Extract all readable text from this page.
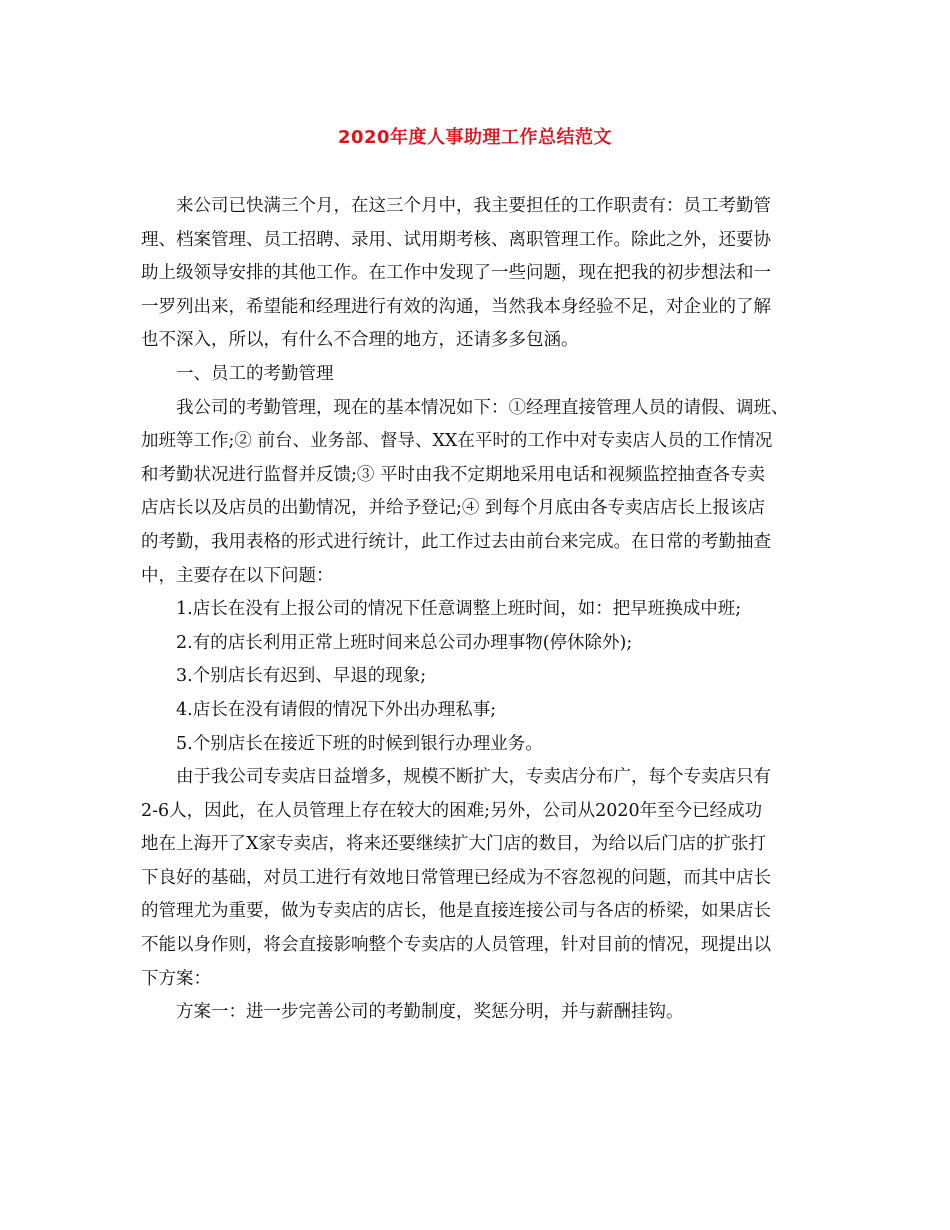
2020年度人事助理工作总结范文

来公司已快满三个月，在这三个月中，我主要担任的工作职责有：员工考勤管
理、档案管理、员工招聘、录用、试用期考核、离职管理工作。除此之外，还要协
助上级领导安排的其他工作。在工作中发现了一些问题，现在把我的初步想法和一
一罗列出来，希望能和经理进行有效的沟通，当然我本身经验不足，对企业的了解
也不深入，所以，有什么不合理的地方，还请多多包涵。

一、员工的考勤管理

我公司的考勤管理，现在的基本情况如下：①经理直接管理人员的请假、调班、
加班等工作;② 前台、业务部、督导、XX在平时的工作中对专卖店人员的工作情况
和考勤状况进行监督并反馈;③ 平时由我不定期地采用电话和视频监控抽查各专卖
店店长以及店员的出勤情况，并给予登记;④ 到每个月底由各专卖店店长上报该店
的考勤，我用表格的形式进行统计，此工作过去由前台来完成。在日常的考勤抽查
中，主要存在以下问题：

1.店长在没有上报公司的情况下任意调整上班时间，如：把早班换成中班;

2.有的店长利用正常上班时间来总公司办理事物(停休除外);

3.个别店长有迟到、早退的现象;

4.店长在没有请假的情况下外出办理私事;

5.个别店长在接近下班的时候到银行办理业务。

由于我公司专卖店日益增多，规模不断扩大，专卖店分布广，每个专卖店只有
2-6人，因此，在人员管理上存在较大的困难;另外，公司从2020年至今已经成功
地在上海开了X家专卖店，将来还要继续扩大门店的数目，为给以后门店的扩张打
下良好的基础，对员工进行有效地日常管理已经成为不容忽视的问题，而其中店长
的管理尤为重要，做为专卖店的店长，他是直接连接公司与各店的桥梁，如果店长
不能以身作则，将会直接影响整个专卖店的人员管理，针对目前的情况，现提出以
下方案：

方案一：进一步完善公司的考勤制度，奖惩分明，并与薪酬挂钩。
